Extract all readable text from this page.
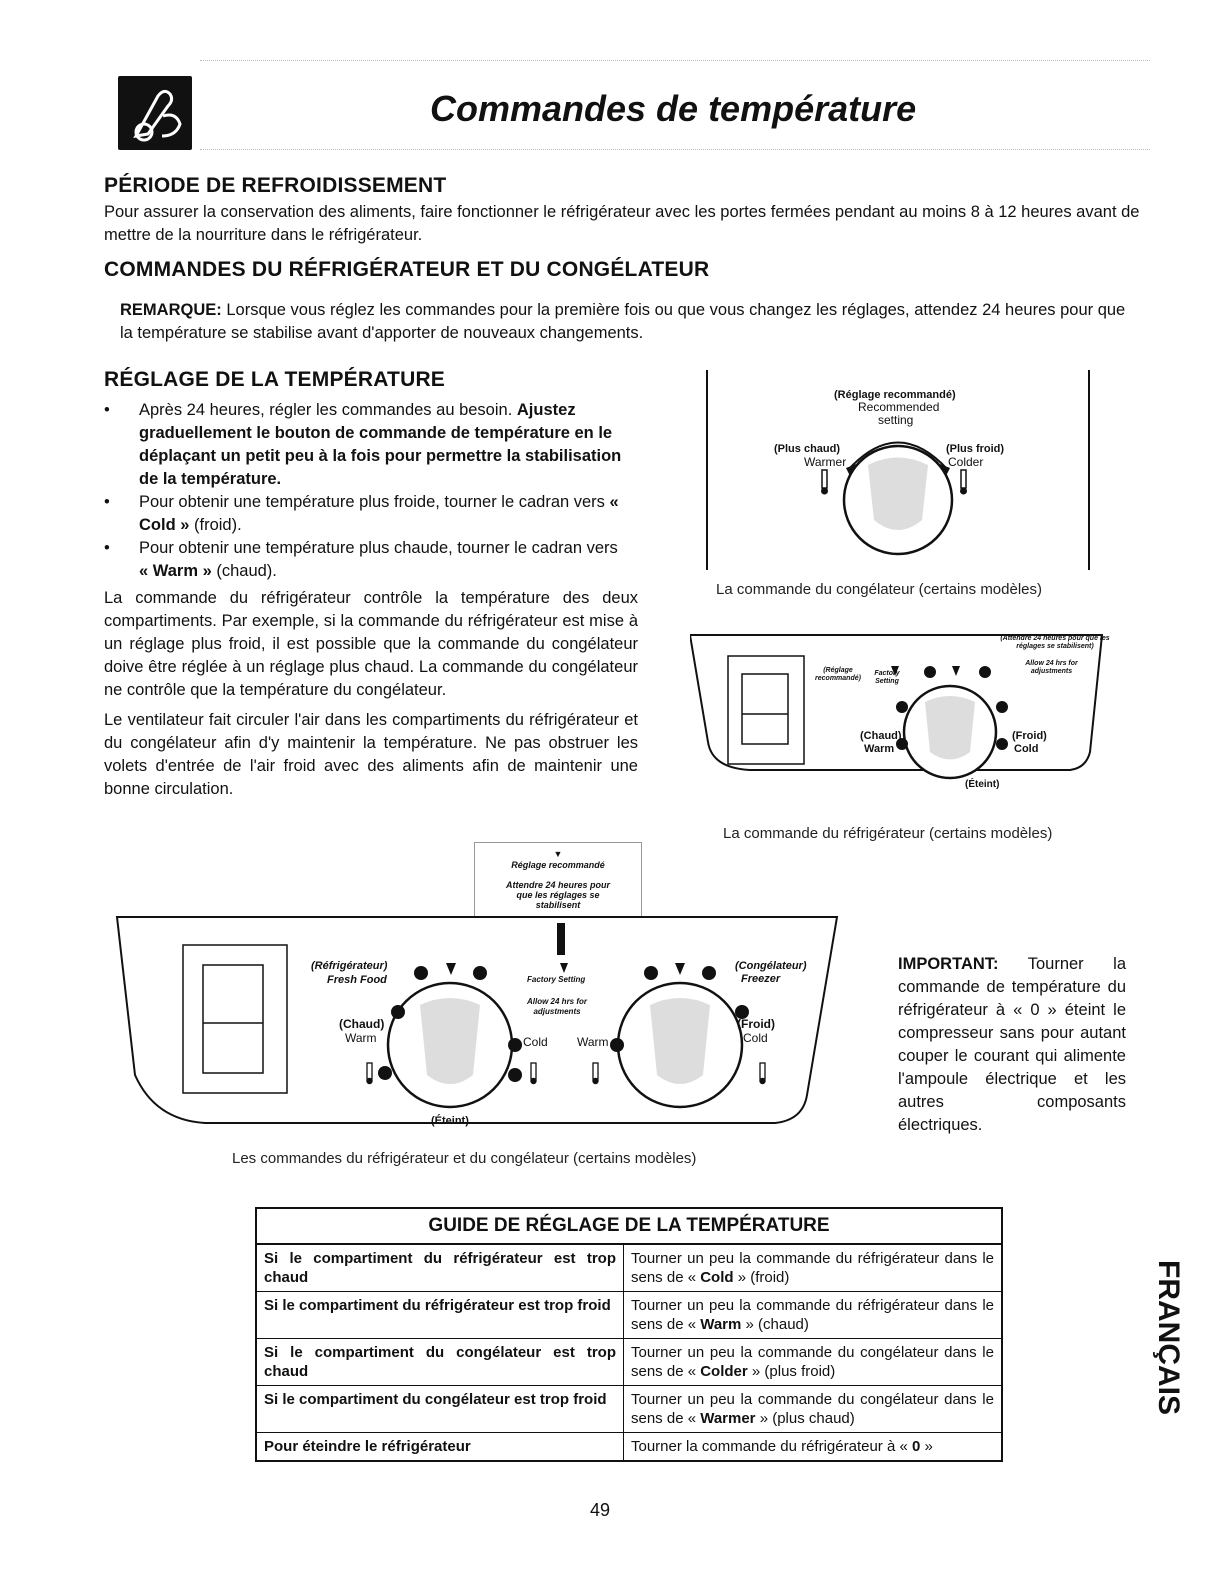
Commandes de température
PÉRIODE DE REFROIDISSEMENT

Pour assurer la conservation des aliments, faire fonctionner le réfrigérateur avec les portes fermées pendant au moins 8 à 12 heures avant de mettre de la nourriture dans le réfrigérateur.

COMMANDES DU RÉFRIGÉRATEUR ET DU CONGÉLATEUR

REMARQUE: Lorsque vous réglez les commandes pour la première fois ou que vous changez les réglages, attendez 24 heures pour que la température se stabilise avant d'apporter de nouveaux changements.

RÉGLAGE DE LA TEMPÉRATURE
• Après 24 heures, régler les commandes au besoin. Ajustez graduellement le bouton de commande de température en le déplaçant un petit peu à la fois pour permettre la stabilisation de la température.
• Pour obtenir une température plus froide, tourner le cadran vers « Cold » (froid).
• Pour obtenir une température plus chaude, tourner le cadran vers « Warm » (chaud).

La commande du réfrigérateur contrôle la température des deux compartiments. Par exemple, si la commande du réfrigérateur est mise à un réglage plus froid, il est possible que la commande du congélateur doive être réglée à un réglage plus chaud. La commande du congélateur ne contrôle que la température du congélateur.

Le ventilateur fait circuler l'air dans les compartiments du réfrigérateur et du congélateur afin d'y maintenir la température. Ne pas obstruer les volets d'entrée de l'air froid avec des aliments afin de maintenir une bonne circulation.

(Réglage recommandé)
Recommended
setting
(Plus chaud)
Warmer
(Plus froid)
Colder
La commande du congélateur (certains modèles)
(Attendre 24 heures pour que les réglages se stabilisent)
Allow 24 hrs for adjustments
(Réglage recommandé)
Factory Setting
(Chaud)
Warm
(Froid)
Cold
(Éteint)
La commande du réfrigérateur (certains modèles)
▼
Réglage recommandé
Attendre 24 heures pour que les réglages se stabilisent
(Réfrigérateur)
Fresh Food
(Chaud)
Warm
(Éteint)
Factory Setting
Allow 24 hrs for adjustments
Cold Warm
(Congélateur)
Freezer
(Froid)
Cold
Les commandes du réfrigérateur et du congélateur (certains modèles)

IMPORTANT: Tourner la commande de température du réfrigérateur à « 0 » éteint le compresseur sans pour autant couper le courant qui alimente l'ampoule électrique et les autres composants électriques.

GUIDE DE RÉGLAGE DE LA TEMPÉRATURE	
Si le compartiment du réfrigérateur est trop chaud	Tourner un peu la commande du réfrigérateur dans le sens de « Cold » (froid)
Si le compartiment du réfrigérateur est trop froid	Tourner un peu la commande du réfrigérateur dans le sens de « Warm » (chaud)
Si le compartiment du congélateur est trop chaud	Tourner un peu la commande du congélateur dans le sens de « Colder » (plus froid)
Si le compartiment du congélateur est trop froid	Tourner un peu la commande du congélateur dans le sens de « Warmer » (plus chaud)
Pour éteindre le réfrigérateur	Tourner la commande du réfrigérateur à « 0 »
FRANÇAIS
49
